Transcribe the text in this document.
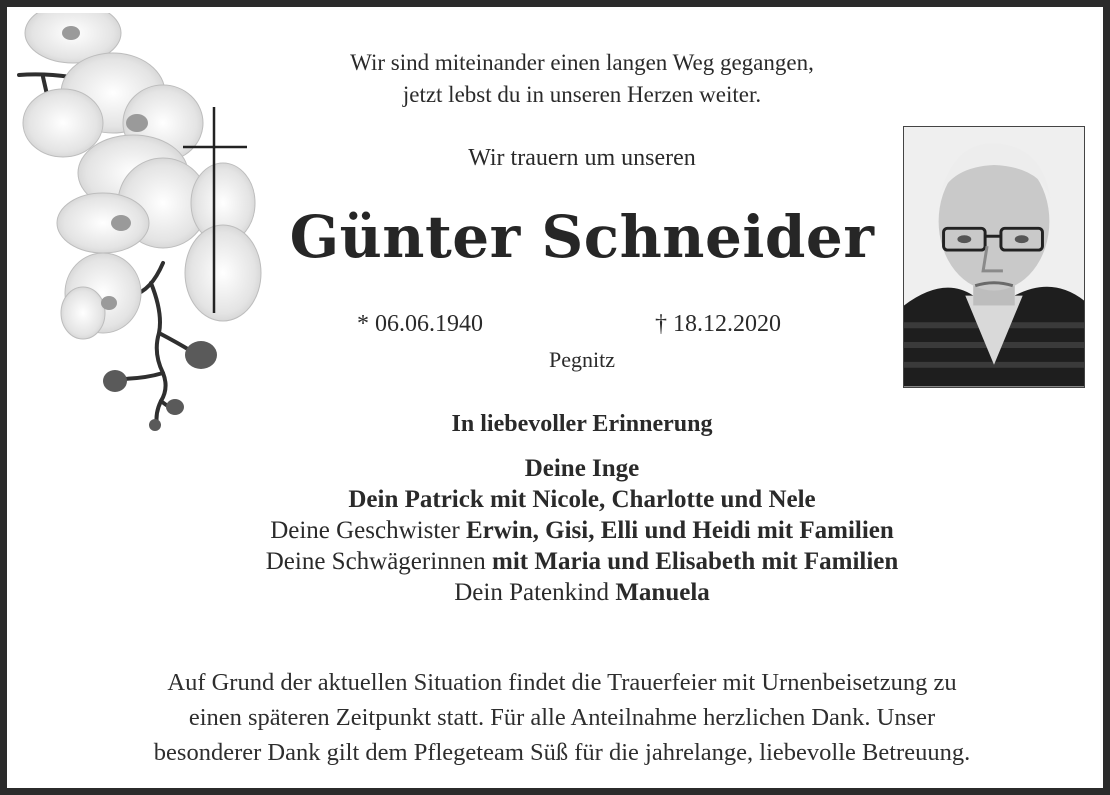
Wir sind miteinander einen langen Weg gegangen,
jetzt lebst du in unseren Herzen weiter.
Wir trauern um unseren
Günter Schneider
* 06.06.1940	† 18.12.2020
Pegnitz
In liebevoller Erinnerung
Deine Inge
Dein Patrick mit Nicole, Charlotte und Nele
Deine Geschwister Erwin, Gisi, Elli und Heidi mit Familien
Deine Schwägerinnen mit Maria und Elisabeth mit Familien
Dein Patenkind Manuela
Auf Grund der aktuellen Situation findet die Trauerfeier mit Urnenbeisetzung zu
einen späteren Zeitpunkt statt. Für alle Anteilnahme herzlichen Dank. Unser
besonderer Dank gilt dem Pflegeteam Süß für die jahrelange, liebevolle Betreuung.
